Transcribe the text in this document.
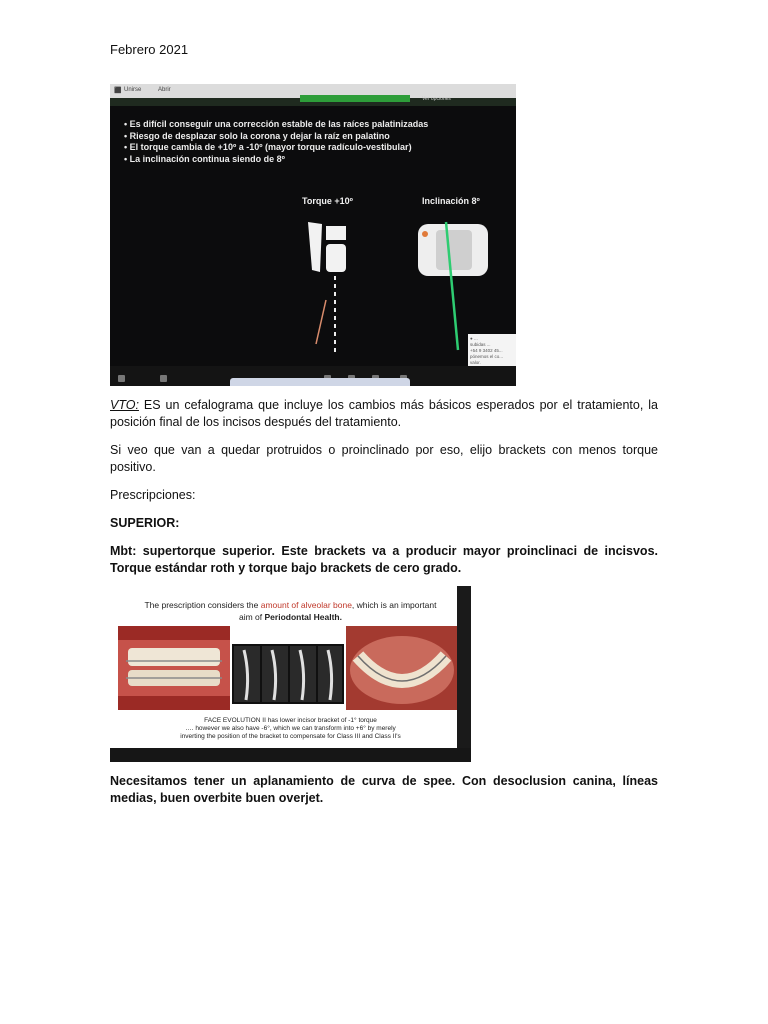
Febrero 2021
⬛ Unirse	Abrir
Ver opciones
• Es difícil conseguir una corrección estable de las raíces palatinizadas
• Riesgo de desplazar solo la corona y dejar la raíz en palatino
• El torque cambia de +10º a -10º (mayor torque radículo-vestibular)
• La inclinación continua siendo de 8º
Torque +10º	Inclinación 8º
● ...
subidas ...
+54 9 3402 45...
pónemos el co...
valor.

VTO: ES un cefalograma que incluye los cambios más básicos esperados por el tratamiento, la posición final de los incisos después del tratamiento.

Si veo que van a quedar protruidos o proinclinado por eso, elijo brackets con menos torque positivo.

Prescripciones:

SUPERIOR:

Mbt: supertorque superior. Este brackets va a producir mayor proinclinaci de incisvos. Torque estándar roth y torque bajo brackets de cero grado.

The prescription considers the amount of alveolar bone, which is an important
aim of Periodontal Health.
FACE EVOLUTION II has lower incisor bracket of -1° torque
…. however we also have -6°, which we can transform into +6° by merely
inverting the position of the bracket to compensate for Class III and Class II's

Necesitamos tener un aplanamiento de curva de spee. Con desoclusion canina, líneas medias, buen overbite buen overjet.
